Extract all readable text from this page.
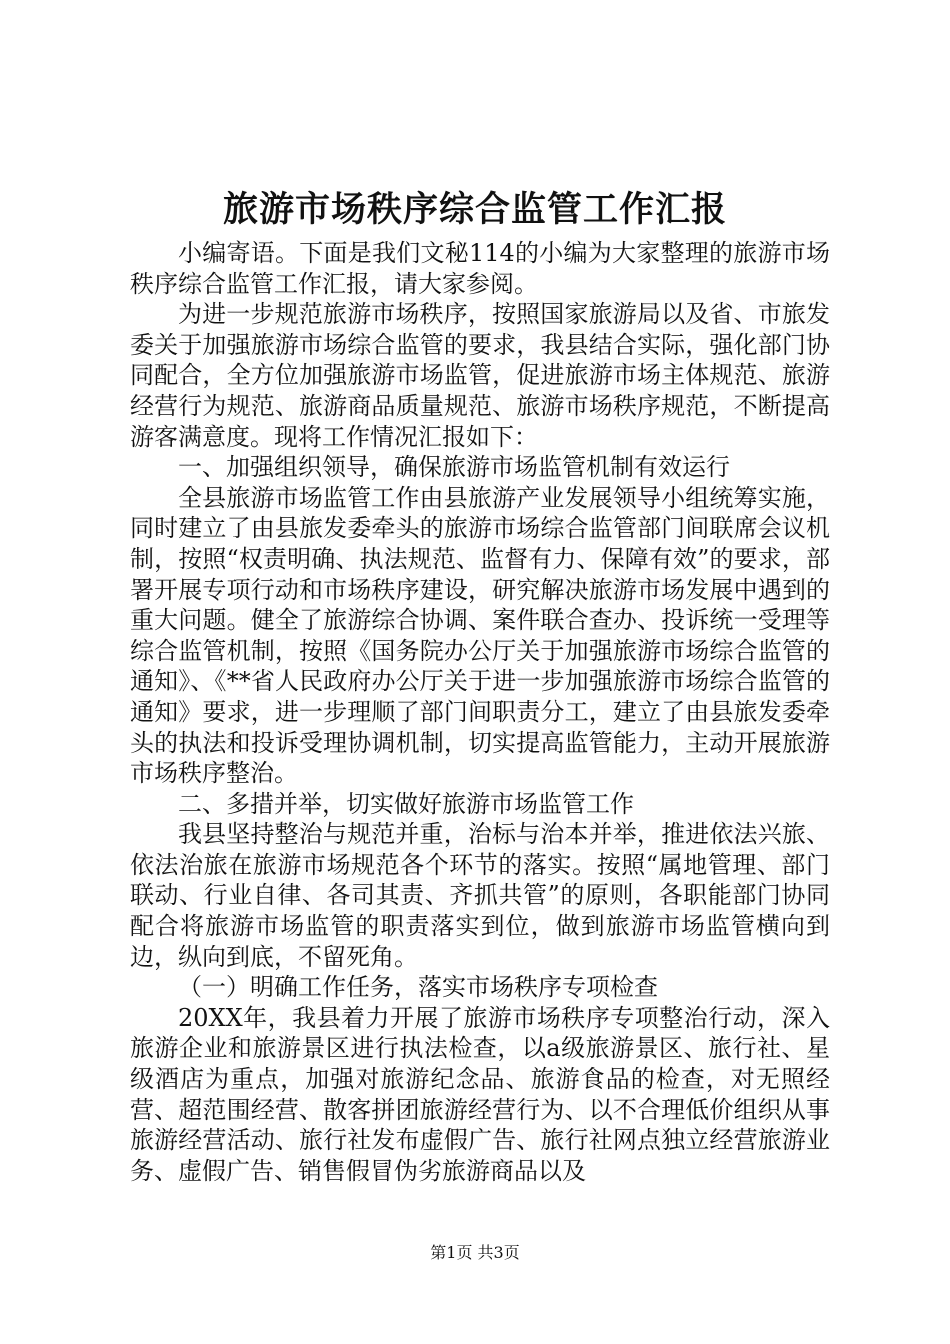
旅游市场秩序综合监管工作汇报

小编寄语。下面是我们文秘114的小编为大家整理的旅游市场秩序综合监管工作汇报，请大家参阅。

为进一步规范旅游市场秩序，按照国家旅游局以及省、市旅发委关于加强旅游市场综合监管的要求，我县结合实际，强化部门协同配合，全方位加强旅游市场监管，促进旅游市场主体规范、旅游经营行为规范、旅游商品质量规范、旅游市场秩序规范，不断提高游客满意度。现将工作情况汇报如下：

一、加强组织领导，确保旅游市场监管机制有效运行

全县旅游市场监管工作由县旅游产业发展领导小组统筹实施，同时建立了由县旅发委牵头的旅游市场综合监管部门间联席会议机制，按照“权责明确、执法规范、监督有力、保障有效”的要求，部署开展专项行动和市场秩序建设，研究解决旅游市场发展中遇到的重大问题。健全了旅游综合协调、案件联合查办、投诉统一受理等综合监管机制，按照《国务院办公厅关于加强旅游市场综合监管的通知》、《**省人民政府办公厅关于进一步加强旅游市场综合监管的通知》要求，进一步理顺了部门间职责分工，建立了由县旅发委牵头的执法和投诉受理协调机制，切实提高监管能力，主动开展旅游市场秩序整治。

二、多措并举，切实做好旅游市场监管工作

我县坚持整治与规范并重，治标与治本并举，推进依法兴旅、依法治旅在旅游市场规范各个环节的落实。按照“属地管理、部门联动、行业自律、各司其责、齐抓共管”的原则，各职能部门协同配合将旅游市场监管的职责落实到位，做到旅游市场监管横向到边，纵向到底，不留死角。

（一）明确工作任务，落实市场秩序专项检查

20XX年，我县着力开展了旅游市场秩序专项整治行动，深入旅游企业和旅游景区进行执法检查，以a级旅游景区、旅行社、星级酒店为重点，加强对旅游纪念品、旅游食品的检查，对无照经营、超范围经营、散客拼团旅游经营行为、以不合理低价组织从事旅游经营活动、旅行社发布虚假广告、旅行社网点独立经营旅游业务、虚假广告、销售假冒伪劣旅游商品以及

第1页 共3页
